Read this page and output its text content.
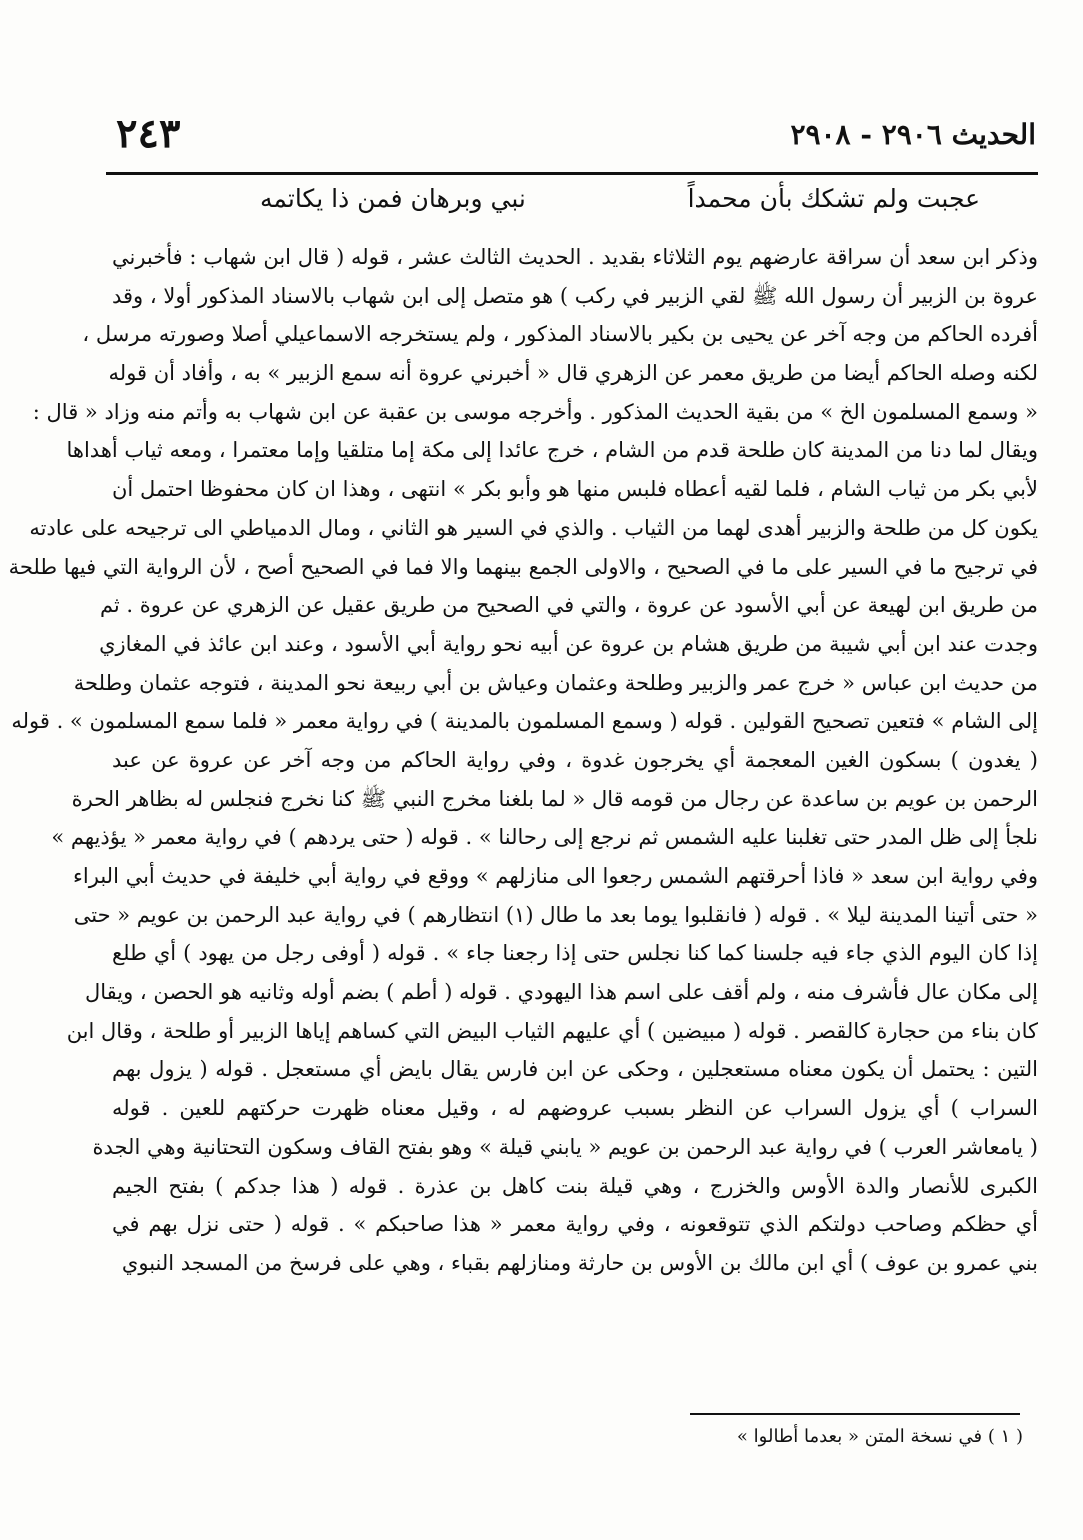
الحديث ٢٩٠٦ - ٢٩٠٨
٢٤٣
عجبت ولم تشكك بأن محمداً
نبي وبرهان فمن ذا يكاتمه
وذكر ابن سعد أن سراقة عارضهم يوم الثلاثاء بقديد . الحديث الثالث عشر ، قوله ( قال ابن شهاب : فأخبرني
عروة بن الزبير أن رسول الله ﷺ لقي الزبير في ركب ) هو متصل إلى ابن شهاب بالاسناد المذكور أولا ، وقد
أفرده الحاكم من وجه آخر عن يحيى بن بكير بالاسناد المذكور ، ولم يستخرجه الاسماعيلي أصلا وصورته مرسل ،
لكنه وصله الحاكم أيضا من طريق معمر عن الزهري قال « أخبرني عروة أنه سمع الزبير » به ، وأفاد أن قوله
« وسمع المسلمون الخ » من بقية الحديث المذكور . وأخرجه موسى بن عقبة عن ابن شهاب به وأتم منه وزاد « قال :
ويقال لما دنا من المدينة كان طلحة قدم من الشام ، خرج عائدا إلى مكة إما متلقيا وإما معتمرا ، ومعه ثياب أهداها
لأبي بكر من ثياب الشام ، فلما لقيه أعطاه فلبس منها هو وأبو بكر » انتهى ، وهذا ان كان محفوظا احتمل أن
يكون كل من طلحة والزبير أهدى لهما من الثياب . والذي في السير هو الثاني ، ومال الدمياطي الى ترجيحه على عادته
في ترجيح ما في السير على ما في الصحيح ، والاولى الجمع بينهما والا فما في الصحيح أصح ، لأن الرواية التي فيها طلحة
من طريق ابن لهيعة عن أبي الأسود عن عروة ، والتي في الصحيح من طريق عقيل عن الزهري عن عروة . ثم
وجدت عند ابن أبي شيبة من طريق هشام بن عروة عن أبيه نحو رواية أبي الأسود ، وعند ابن عائذ في المغازي
من حديث ابن عباس « خرج عمر والزبير وطلحة وعثمان وعياش بن أبي ربيعة نحو المدينة ، فتوجه عثمان وطلحة
إلى الشام » فتعين تصحيح القولين . قوله ( وسمع المسلمون بالمدينة ) في رواية معمر « فلما سمع المسلمون » . قوله
( يغدون ) بسكون الغين المعجمة أي يخرجون غدوة ، وفي رواية الحاكم من وجه آخر عن عروة عن عبد
الرحمن بن عويم بن ساعدة عن رجال من قومه قال « لما بلغنا مخرج النبي ﷺ كنا نخرج فنجلس له بظاهر الحرة
نلجأ إلى ظل المدر حتى تغلبنا عليه الشمس ثم نرجع إلى رحالنا » . قوله ( حتى يردهم ) في رواية معمر « يؤذيهم »
وفي رواية ابن سعد « فاذا أحرقتهم الشمس رجعوا الى منازلهم » ووقع في رواية أبي خليفة في حديث أبي البراء
« حتى أتينا المدينة ليلا » . قوله ( فانقلبوا يوما بعد ما طال (١) انتظارهم ) في رواية عبد الرحمن بن عويم « حتى
إذا كان اليوم الذي جاء فيه جلسنا كما كنا نجلس حتى إذا رجعنا جاء » . قوله ( أوفى رجل من يهود ) أي طلع
إلى مكان عال فأشرف منه ، ولم أقف على اسم هذا اليهودي . قوله ( أطم ) بضم أوله وثانيه هو الحصن ، ويقال
كان بناء من حجارة كالقصر . قوله ( مبيضين ) أي عليهم الثياب البيض التي كساهم إياها الزبير أو طلحة ، وقال ابن
التين : يحتمل أن يكون معناه مستعجلين ، وحكى عن ابن فارس يقال بايض أي مستعجل . قوله ( يزول بهم
السراب ) أي يزول السراب عن النظر بسبب عروضهم له ، وقيل معناه ظهرت حركتهم للعين . قوله
( يامعاشر العرب ) في رواية عبد الرحمن بن عويم « يابني قيلة » وهو بفتح القاف وسكون التحتانية وهي الجدة
الكبرى للأنصار والدة الأوس والخزرج ، وهي قيلة بنت كاهل بن عذرة . قوله ( هذا جدكم ) بفتح الجيم
أي حظكم وصاحب دولتكم الذي تتوقعونه ، وفي رواية معمر « هذا صاحبكم » . قوله ( حتى نزل بهم في
بني عمرو بن عوف ) أي ابن مالك بن الأوس بن حارثة ومنازلهم بقباء ، وهي على فرسخ من المسجد النبوي
( ١ ) في نسخة المتن « بعدما أطالوا »
